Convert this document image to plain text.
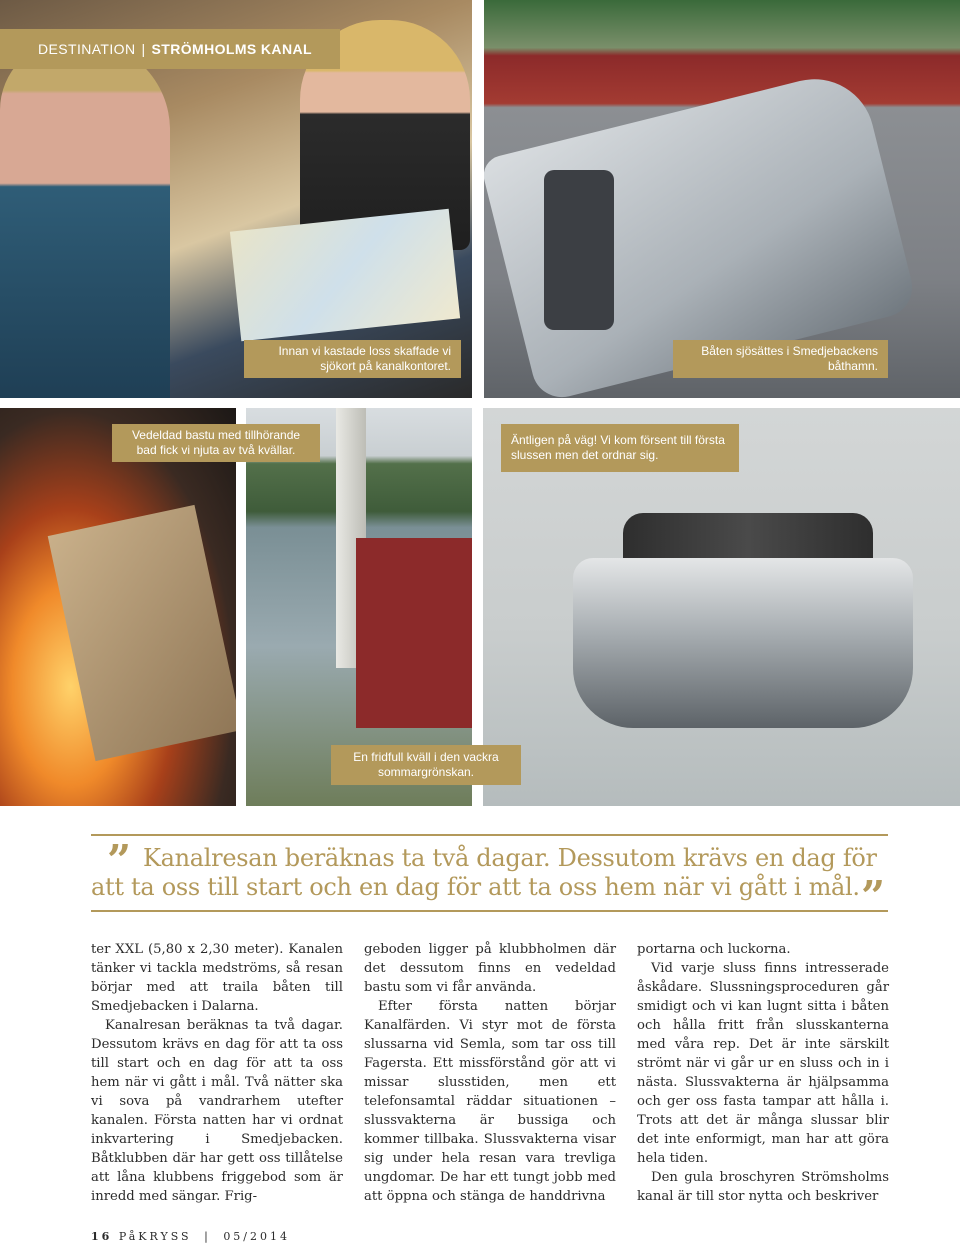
DESTINATION | STRÖMHOLMS KANAL
Innan vi kastade loss skaffade vi sjökort på kanalkontoret.
Båten sjösättes i Smedjebackens båthamn.
Vedeldad bastu med tillhörande bad fick vi njuta av två kvällar.
Äntligen på väg! Vi kom försent till första slussen men det ordnar sig.
En fridfull kväll i den vackra sommargrönskan.
” Kanalresan beräknas ta två dagar. Dessutom krävs en dag för
att ta oss till start och en dag för att ta oss hem när vi gått i mål. ”

ter XXL (5,80 x 2,30 meter). Kanalen tänker vi tackla medströms, så resan börjar med att traila båten till Smedjebacken i Dalarna.

Kanalresan beräknas ta två dagar. Dessutom krävs en dag för att ta oss till start och en dag för att ta oss hem när vi gått i mål. Två nätter ska vi sova på vandrarhem utefter kanalen. Första natten har vi ordnat inkvartering i Smedjebacken. Båtklubben där har gett oss tillåtelse att låna klubbens friggebod som är inredd med sängar. Frig-

geboden ligger på klubbholmen där det dessutom finns en vedeldad bastu som vi får använda.

Efter första natten börjar Kanalfärden. Vi styr mot de första slussarna vid Semla, som tar oss till Fagersta. Ett missförstånd gör att vi missar slusstiden, men ett telefonsamtal räddar situationen – slussvakterna är bussiga och kommer tillbaka. Slussvakterna visar sig under hela resan vara trevliga ungdomar. De har ett tungt jobb med att öppna och stänga de handdrivna

portarna och luckorna.

Vid varje sluss finns intresserade åskådare. Slussningsproceduren går smidigt och vi kan lugnt sitta i båten och hålla fritt från slusskanterna med våra rep. Det är inte särskilt strömt när vi går ur en sluss och in i nästa. Slussvakterna är hjälpsamma och ger oss fasta tampar att hålla i. Trots att det är många slussar blir det inte enformigt, man har att göra hela tiden.

Den gula broschyren Strömsholms kanal är till stor nytta och beskriver

16 PåKRYSS | 05/2014
